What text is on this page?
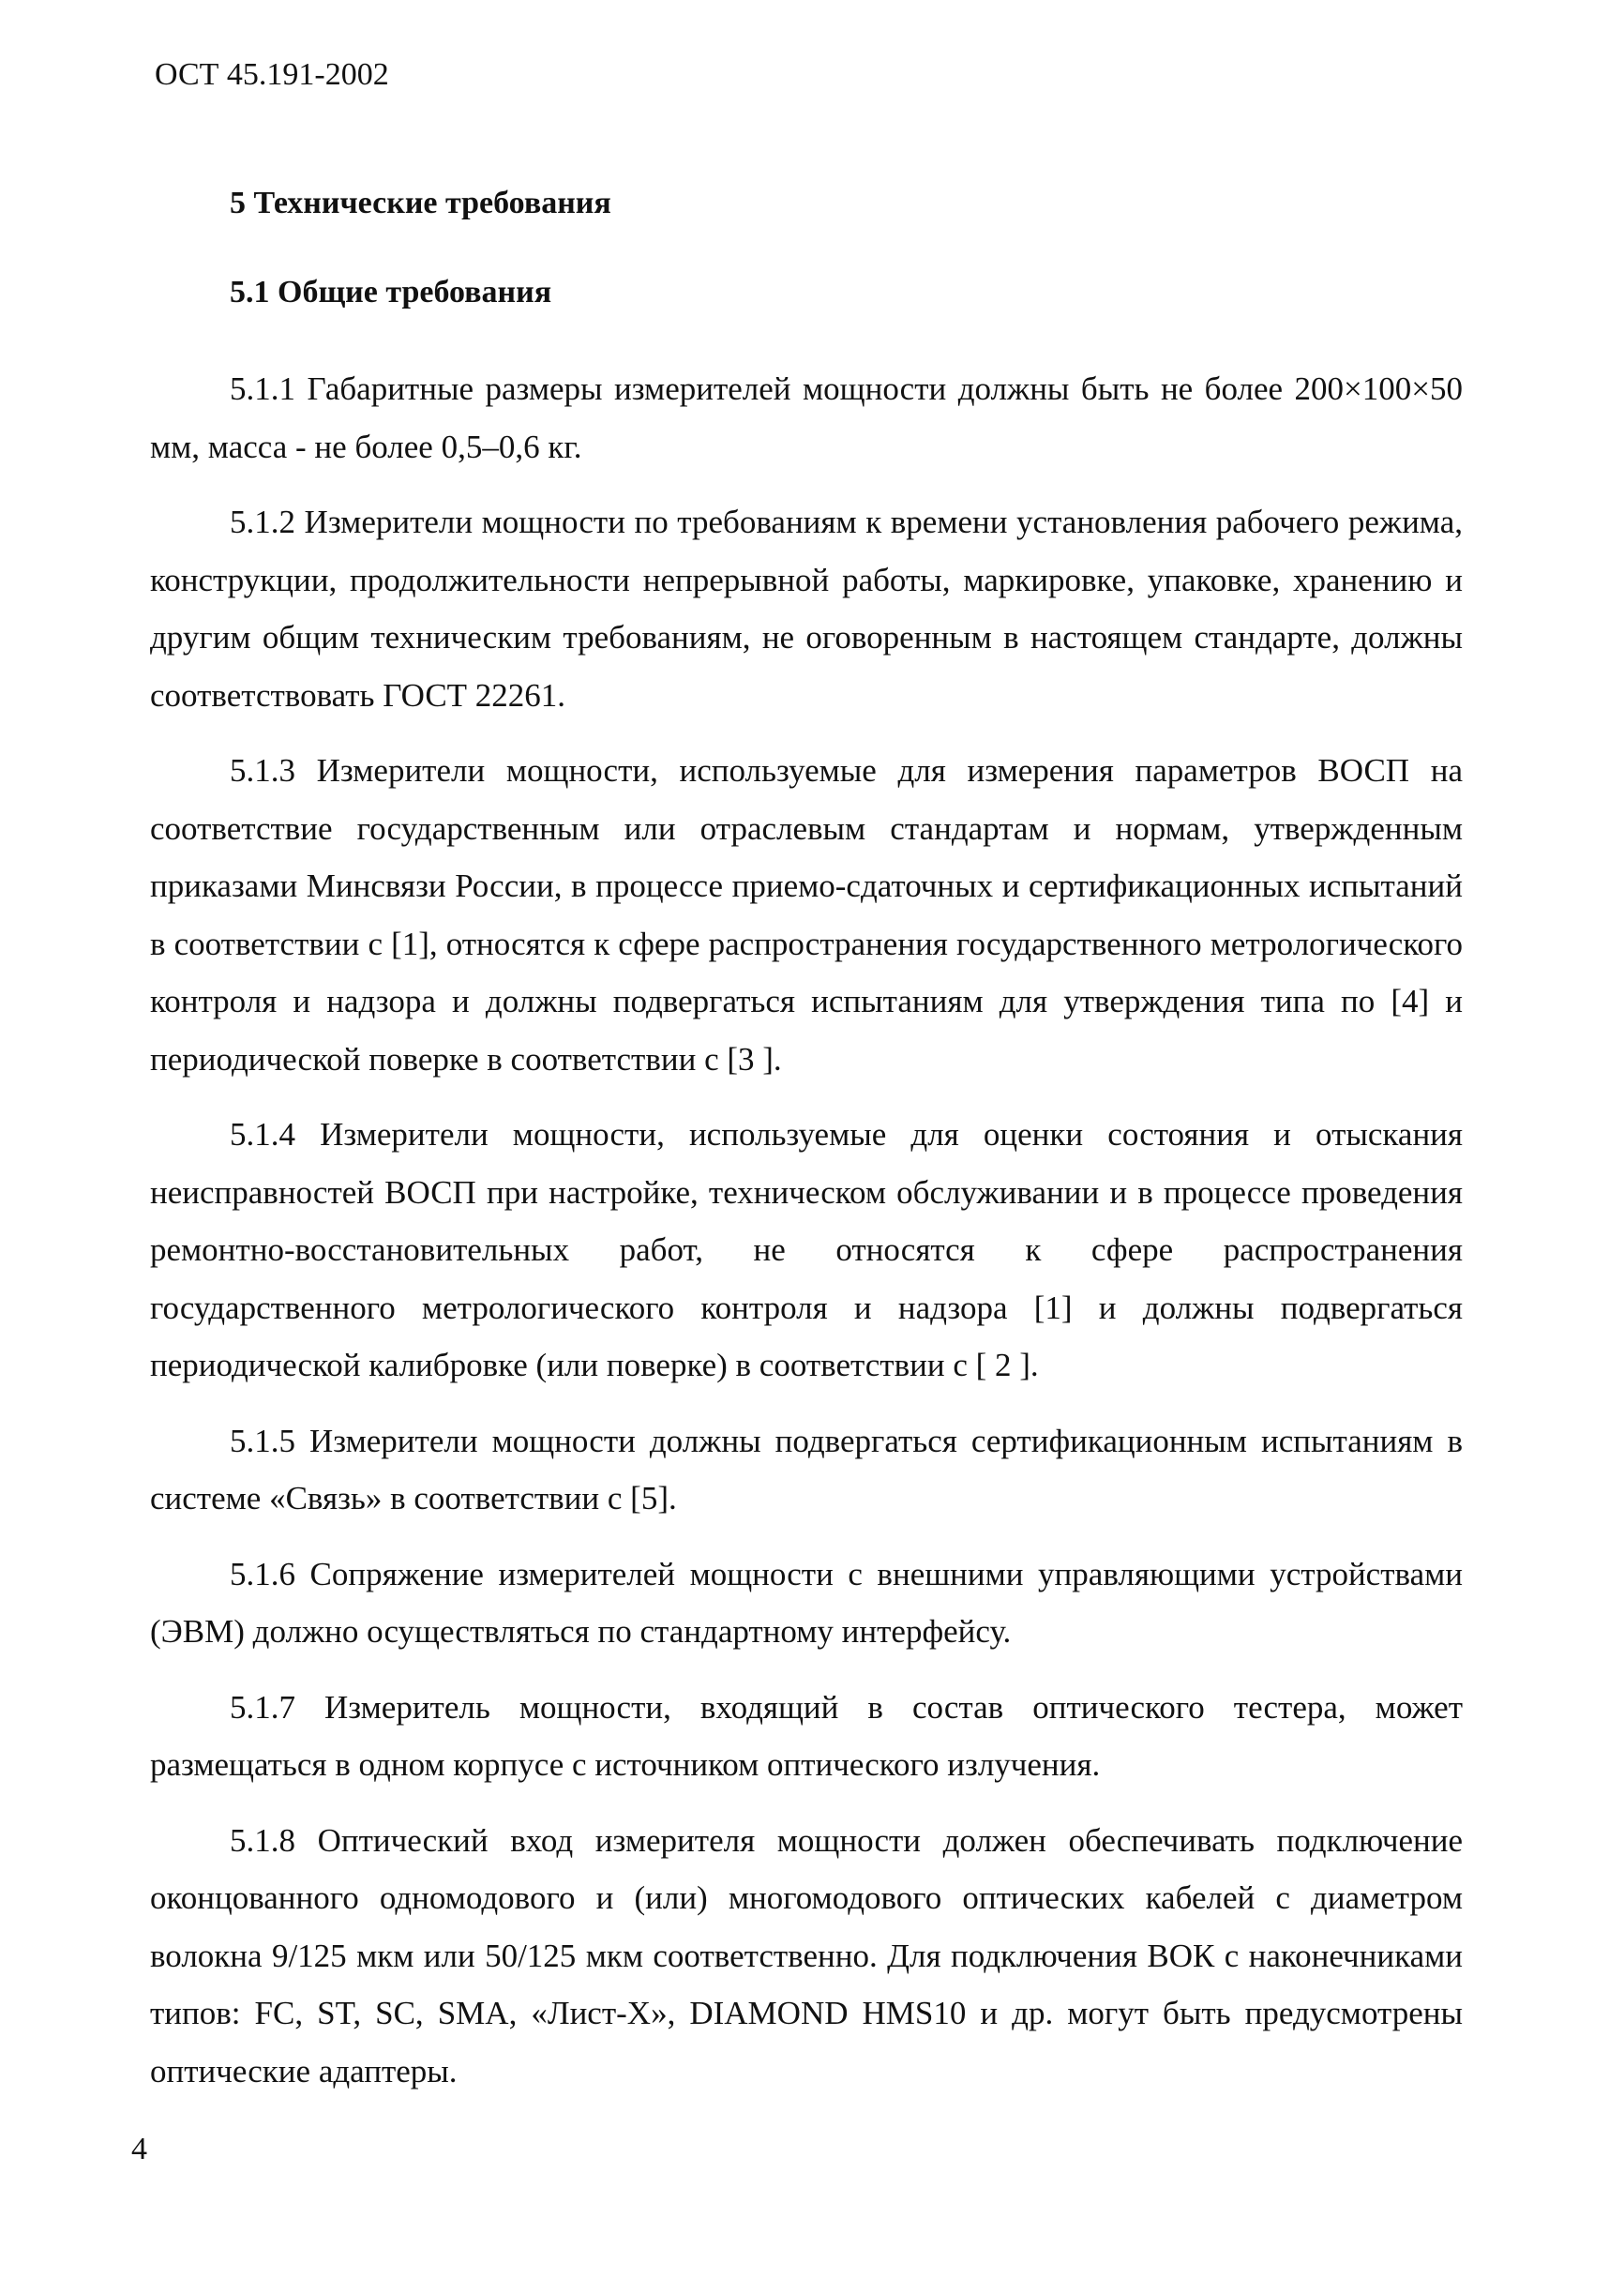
ОСТ 45.191-2002

5 Технические требования
5.1 Общие требования

5.1.1 Габаритные размеры измерителей мощности должны быть не более 200×100×50 мм, масса - не более 0,5–0,6 кг.

5.1.2 Измерители мощности по требованиям к времени установления рабочего режима, конструкции, продолжительности непрерывной работы, маркировке, упаковке, хранению и другим общим техническим требованиям, не оговоренным в настоящем стандарте, должны соответствовать ГОСТ 22261.

5.1.3 Измерители мощности, используемые для измерения параметров ВОСП на соответствие государственным или отраслевым стандартам и нормам, утвержденным приказами Минсвязи России, в процессе приемо-сдаточных и сертификационных испытаний в соответствии с [1], относятся к сфере распространения государственного метрологического контроля и надзора и должны подвергаться испытаниям для утверждения типа по [4] и периодической поверке в соответствии с [3 ].

5.1.4 Измерители мощности, используемые для оценки состояния и отыскания неисправностей ВОСП при настройке, техническом обслуживании и в процессе проведения ремонтно-восстановительных работ, не относятся к сфере распространения государственного метрологического контроля и надзора [1] и должны подвергаться периодической калибровке (или поверке) в соответствии с [ 2 ].

5.1.5 Измерители мощности должны подвергаться сертификационным испытаниям в системе «Связь» в соответствии с [5].

5.1.6 Сопряжение измерителей мощности с внешними управляющими устройствами (ЭВМ) должно осуществляться по стандартному интерфейсу.

5.1.7 Измеритель мощности, входящий в состав оптического тестера, может размещаться в одном корпусе с источником оптического излучения.

5.1.8 Оптический вход измерителя мощности должен обеспечивать подключение оконцованного одномодового и (или) многомодового оптических кабелей с диаметром волокна 9/125 мкм или 50/125 мкм соответственно. Для подключения ВОК с наконечниками типов: FC, ST, SC, SMA, «Лист-Х», DIAMOND HMS10 и др. могут быть предусмотрены оптические адаптеры.

4
